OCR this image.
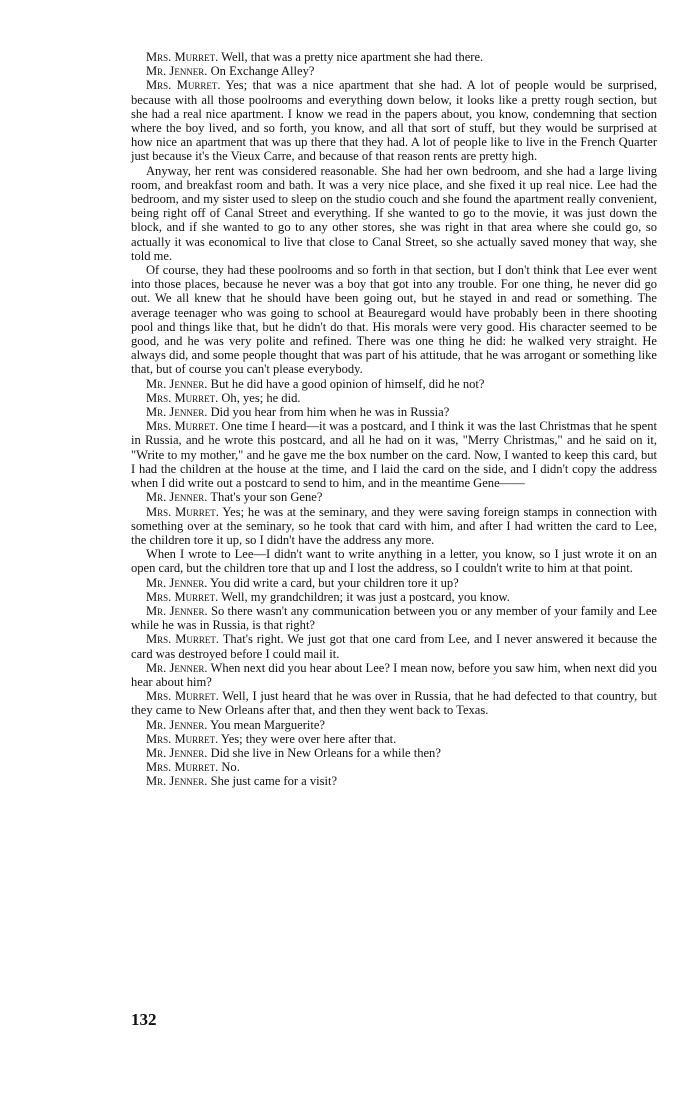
Mrs. Murret. Well, that was a pretty nice apartment she had there.

Mr. Jenner. On Exchange Alley?

Mrs. Murret. Yes; that was a nice apartment that she had. A lot of people would be surprised, because with all those poolrooms and everything down below, it looks like a pretty rough section, but she had a real nice apartment. I know we read in the papers about, you know, condemning that section where the boy lived, and so forth, you know, and all that sort of stuff, but they would be surprised at how nice an apartment that was up there that they had. A lot of people like to live in the French Quarter just because it's the Vieux Carre, and because of that reason rents are pretty high.

Anyway, her rent was considered reasonable. She had her own bedroom, and she had a large living room, and breakfast room and bath. It was a very nice place, and she fixed it up real nice. Lee had the bedroom, and my sister used to sleep on the studio couch and she found the apartment really convenient, being right off of Canal Street and everything. If she wanted to go to the movie, it was just down the block, and if she wanted to go to any other stores, she was right in that area where she could go, so actually it was economical to live that close to Canal Street, so she actually saved money that way, she told me.

Of course, they had these poolrooms and so forth in that section, but I don't think that Lee ever went into those places, because he never was a boy that got into any trouble. For one thing, he never did go out. We all knew that he should have been going out, but he stayed in and read or something. The average teenager who was going to school at Beauregard would have probably been in there shooting pool and things like that, but he didn't do that. His morals were very good. His character seemed to be good, and he was very polite and refined. There was one thing he did: he walked very straight. He always did, and some people thought that was part of his attitude, that he was arrogant or something like that, but of course you can't please everybody.

Mr. Jenner. But he did have a good opinion of himself, did he not?

Mrs. Murret. Oh, yes; he did.

Mr. Jenner. Did you hear from him when he was in Russia?

Mrs. Murret. One time I heard—it was a postcard, and I think it was the last Christmas that he spent in Russia, and he wrote this postcard, and all he had on it was, "Merry Christmas," and he said on it, "Write to my mother," and he gave me the box number on the card. Now, I wanted to keep this card, but I had the children at the house at the time, and I laid the card on the side, and I didn't copy the address when I did write out a postcard to send to him, and in the meantime Gene——

Mr. Jenner. That's your son Gene?

Mrs. Murret. Yes; he was at the seminary, and they were saving foreign stamps in connection with something over at the seminary, so he took that card with him, and after I had written the card to Lee, the children tore it up, so I didn't have the address any more.

When I wrote to Lee—I didn't want to write anything in a letter, you know, so I just wrote it on an open card, but the children tore that up and I lost the address, so I couldn't write to him at that point.

Mr. Jenner. You did write a card, but your children tore it up?

Mrs. Murret. Well, my grandchildren; it was just a postcard, you know.

Mr. Jenner. So there wasn't any communication between you or any member of your family and Lee while he was in Russia, is that right?

Mrs. Murret. That's right. We just got that one card from Lee, and I never answered it because the card was destroyed before I could mail it.

Mr. Jenner. When next did you hear about Lee? I mean now, before you saw him, when next did you hear about him?

Mrs. Murret. Well, I just heard that he was over in Russia, that he had defected to that country, but they came to New Orleans after that, and then they went back to Texas.

Mr. Jenner. You mean Marguerite?

Mrs. Murret. Yes; they were over here after that.

Mr. Jenner. Did she live in New Orleans for a while then?

Mrs. Murret. No.

Mr. Jenner. She just came for a visit?

132
